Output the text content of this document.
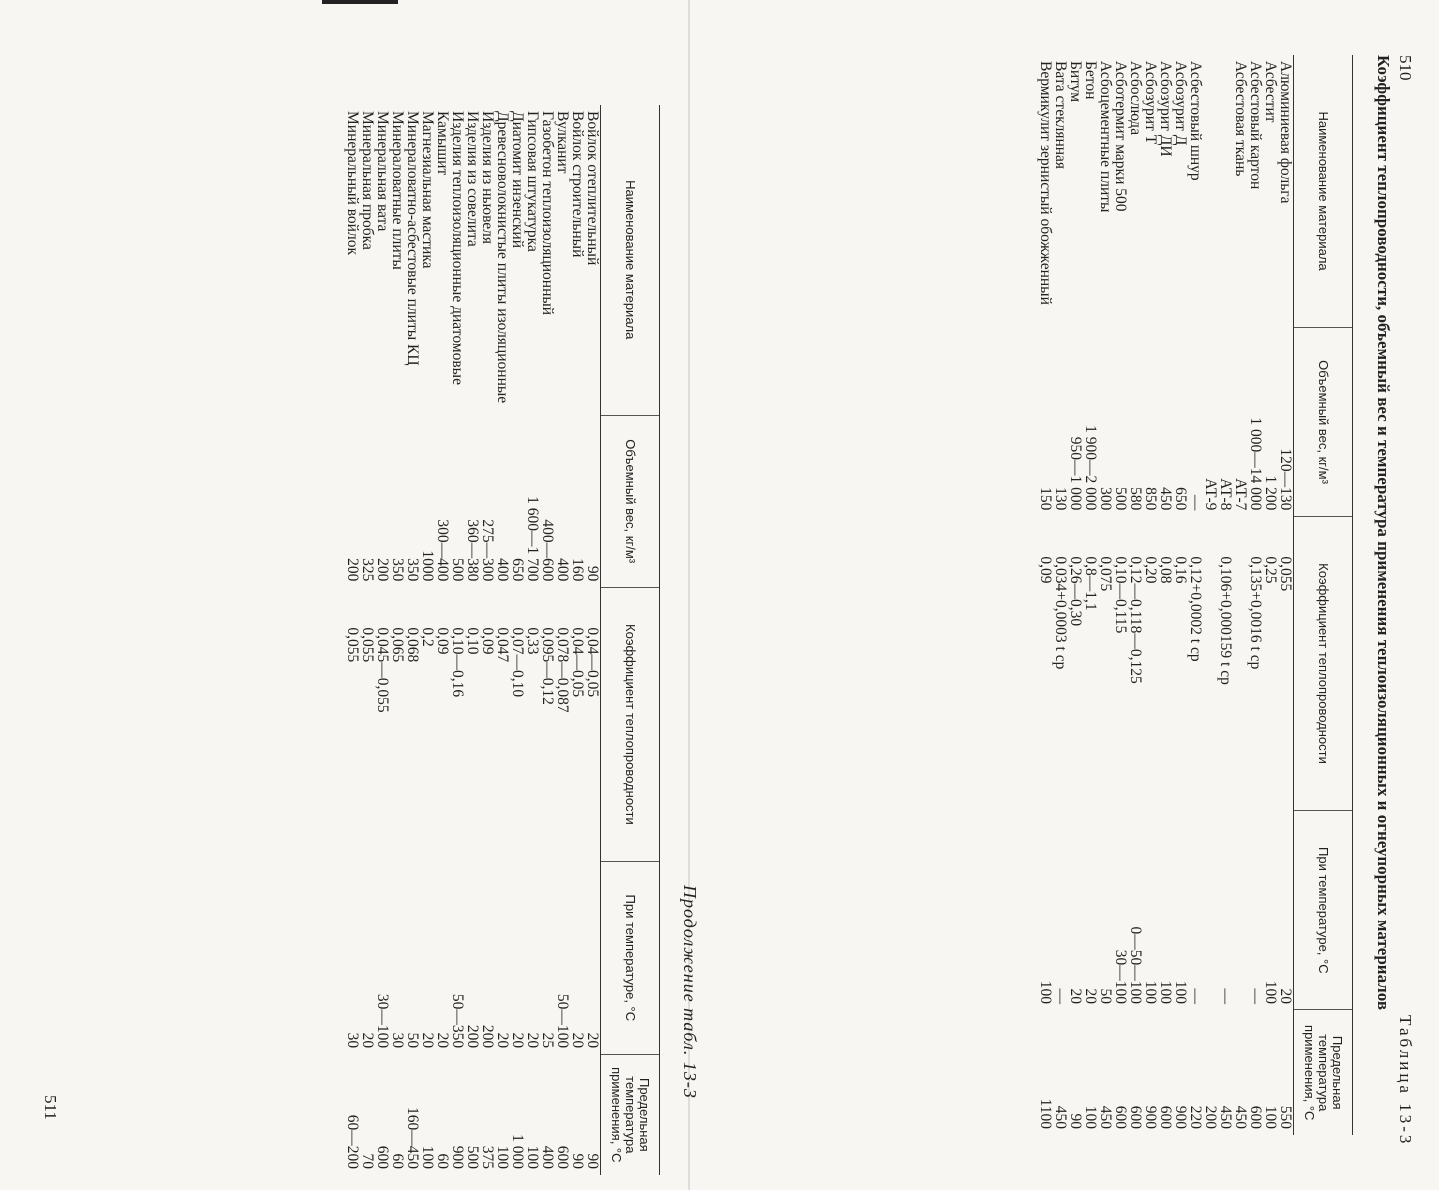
510
Таблица 13-3
Коэффициент теплопроводности, объемный вес и температура применения теплоизоляционных и огнеупорных материалов
Наименование материала	Объемный вес, кг/м³	Коэффициент теплопроводности	При температуре, °С	Предельная температура применения, °С
Алюминиевая фольга	120—130	0,055	20	550
Асбестит	1 200	0,25	100	100
Асбестовый картон	1 000—14 000	0,135+0,0016 t ср	—	600
Асбестовая ткань	АТ-7			450
	АТ-8	0,106+0,000159 t ср	—	450
	АТ-9			200
Асбестовый шнур	—	0,12+0,0002 t ср	—	220
Асбозурит Д	650	0,16	100	900
Асбозурит ДИ	450	0,08	100	600
Асбозурит Т	850	0,20	100	900
Асбослюда	580	0,12—0,118—0,125	0—50—100	600
Асботермит марки 500	500	0,10—0,115	30—100	600
Асбоцементные плиты	300	0,075	50	450
Бетон	1 900—2 000	0,8—1,1	20	100
Битум	950—1 000	0,26—0,30	20	90
Вата стеклянная	130	0,034+0,0003 t ср	—	450
Вермикулит зернистый обожженный	150	0,09	100	1100
Продолжение табл. 13-3
Наименование материала	Объемный вес, кг/м³	Коэффициент теплопроводности	При температуре, °С	Предельная температура применения, °С
Войлок отеплительный	90	0,04—0,05	20	90
Войлок строительный	160	0,04—0,05	20	90
Вулканит	400	0,078—0,087	50—100	600
Газобетон теплоизоляционный	400—600	0,095—0,12	25	400
Гипсовая штукатурка	1 600—1 700	0,33	20	100
Диатомит инзенский	650	0,07—0,10	20	1 000
Древесноволокнистые плиты изоляционные	400	0,047	20	100
Изделия из ньювеля	275—300	0,09	200	375
Изделия из совелита	360—380	0,10	200	500
Изделия теплоизоляционные диатомовые	500	0,10—0,16	50—350	900
Камышит	300—400	0,09	20	60
Магнезиальная мастика	1000	0,2	20	100
Минераловатно-асбестовые плиты КЦ	350	0,068	50	160—450
Минераловатные плиты	350	0,065	30	60
Минеральная вата	200	0,045—0,055	30—100	600
Минеральная пробка	325	0,055	20	70
Минеральный войлок	200	0,055	30	60—200
511
